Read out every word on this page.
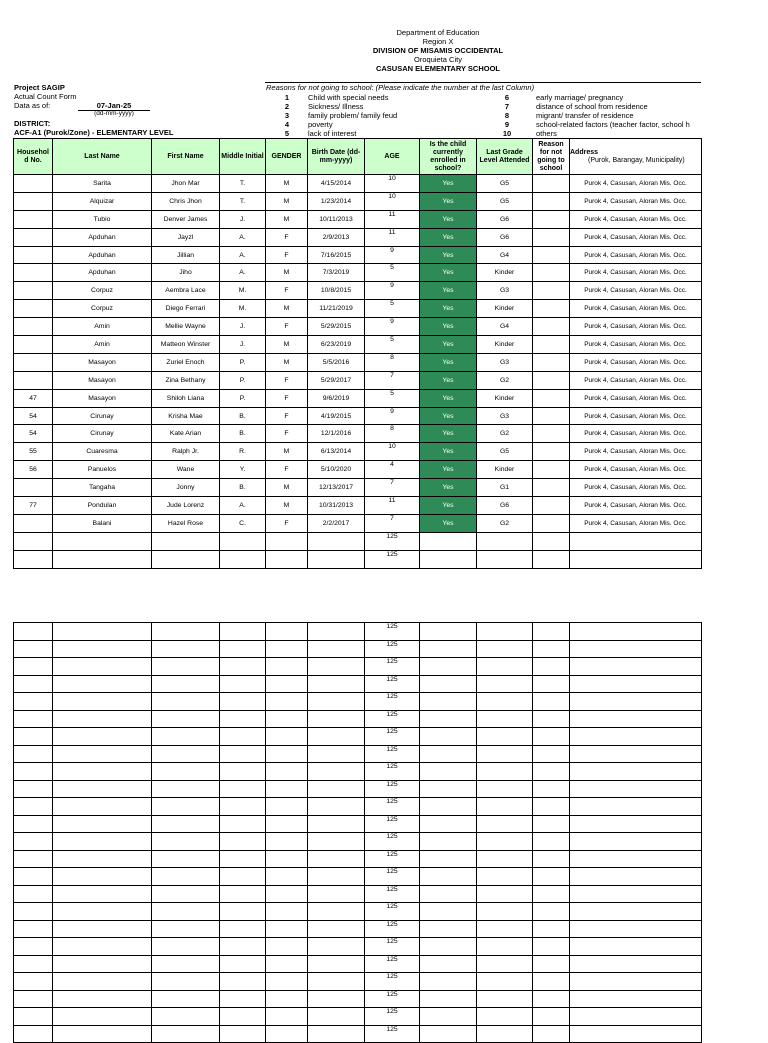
Department of Education
Region X
DIVISION OF MISAMIS OCCIDENTAL
Oroquieta City
CASUSAN ELEMENTARY SCHOOL
Project SAGIP
Actual Count Form
Data as of:	07-Jan-25
(dd-mm-yyyy)
DISTRICT:
ACF-A1 (Purok/Zone) - ELEMENTARY LEVEL
Reasons for not going to school: (Please indicate the number at the last Column)
1	Child with special needs
2	Sickness/ Illness
3	family problem/ family feud
4	poverty
5	lack of interest
6	early marriage/ pregnancy
7	distance of school from residence
8	migrant/ transfer of residence
9	school-related factors (teacher factor, school h
10	others
Househol d No.	Last Name	First Name	Middle Initial	GENDER	Birth Date (dd-mm-yyyy)	AGE	Is the child currently enrolled in school?	Last Grade Level Attended	Reason for not going to school	Address
(Purok, Barangay, Municipality)
	Sarita	Jhon Mar	T.	M	4/15/2014	10	Yes	G5		Purok 4, Casusan, Aloran Mis. Occ.
	Alquizar	Chris Jhon	T.	M	1/23/2014	10	Yes	G5		Purok 4, Casusan, Aloran Mis. Occ.
	Tubio	Denver James	J.	M	10/11/2013	11	Yes	G6		Purok 4, Casusan, Aloran Mis. Occ.
	Apduhan	Jayzl	A.	F	2/9/2013	11	Yes	G6		Purok 4, Casusan, Aloran Mis. Occ.
	Apduhan	Jillian	A.	F	7/16/2015	9	Yes	G4		Purok 4, Casusan, Aloran Mis. Occ.
	Apduhan	Jiho	A.	M	7/3/2019	5	Yes	Kinder		Purok 4, Casusan, Aloran Mis. Occ.
	Corpuz	Aembra Lace	M.	F	10/8/2015	9	Yes	G3		Purok 4, Casusan, Aloran Mis. Occ.
	Corpuz	Diego Ferrari	M.	M	11/21/2019	5	Yes	Kinder		Purok 4, Casusan, Aloran Mis. Occ.
	Amin	Mellie Wayne	J.	F	5/29/2015	9	Yes	G4		Purok 4, Casusan, Aloran Mis. Occ.
	Amin	Matteon Winster	J.	M	6/23/2019	5	Yes	Kinder		Purok 4, Casusan, Aloran Mis. Occ.
	Masayon	Zuriel Enoch	P.	M	5/5/2016	8	Yes	G3		Purok 4, Casusan, Aloran Mis. Occ.
	Masayon	Zina Bethany	P.	F	5/29/2017	7	Yes	G2		Purok 4, Casusan, Aloran Mis. Occ.
47	Masayon	Shiloh Liana	P.	F	9/6/2019	5	Yes	Kinder		Purok 4, Casusan, Aloran Mis. Occ.
54	Cirunay	Krisha Mae	B.	F	4/19/2015	9	Yes	G3		Purok 4, Casusan, Aloran Mis. Occ.
54	Cirunay	Kate Arian	B.	F	12/1/2016	8	Yes	G2		Purok 4, Casusan, Aloran Mis. Occ.
55	Cuaresma	Ralph Jr.	R.	M	6/13/2014	10	Yes	G5		Purok 4, Casusan, Aloran Mis. Occ.
56	Panuelos	Wane	Y.	F	5/10/2020	4	Yes	Kinder		Purok 4, Casusan, Aloran Mis. Occ.
	Tangaha	Jonny	B.	M	12/13/2017	7	Yes	G1		Purok 4, Casusan, Aloran Mis. Occ.
77	Pondulan	Jude Lorenz	A.	M	10/31/2013	11	Yes	G6		Purok 4, Casusan, Aloran Mis. Occ.
	Balani	Hazel Rose	C.	F	2/2/2017	7	Yes	G2		Purok 4, Casusan, Aloran Mis. Occ.
						125				
						125				
						125				
						125				
						125				
						125				
						125				
						125				
						125				
						125				
						125				
						125				
						125				
						125				
						125				
						125				
						125				
						125				
						125				
						125				
						125				
						125				
						125				
						125				
						125				
						125				
